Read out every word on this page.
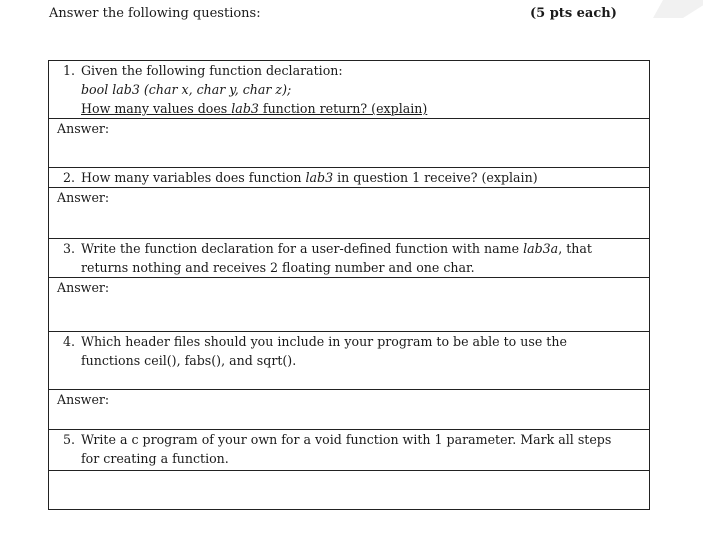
Answer the following questions:	(5 pts each)
1. Given the following function declaration:
bool lab3 (char x, char y, char z);
How many values does lab3 function return? (explain)

Answer:

2. How many variables does function lab3 in question 1 receive? (explain)

Answer:

3. Write the function declaration for a user-defined function with name lab3a, that
returns nothing and receives 2 floating number and one char.

Answer:

4. Which header files should you include in your program to be able to use the
functions ceil(), fabs(), and sqrt().

Answer:

5. Write a c program of your own for a void function with 1 parameter. Mark all steps
for creating a function.
